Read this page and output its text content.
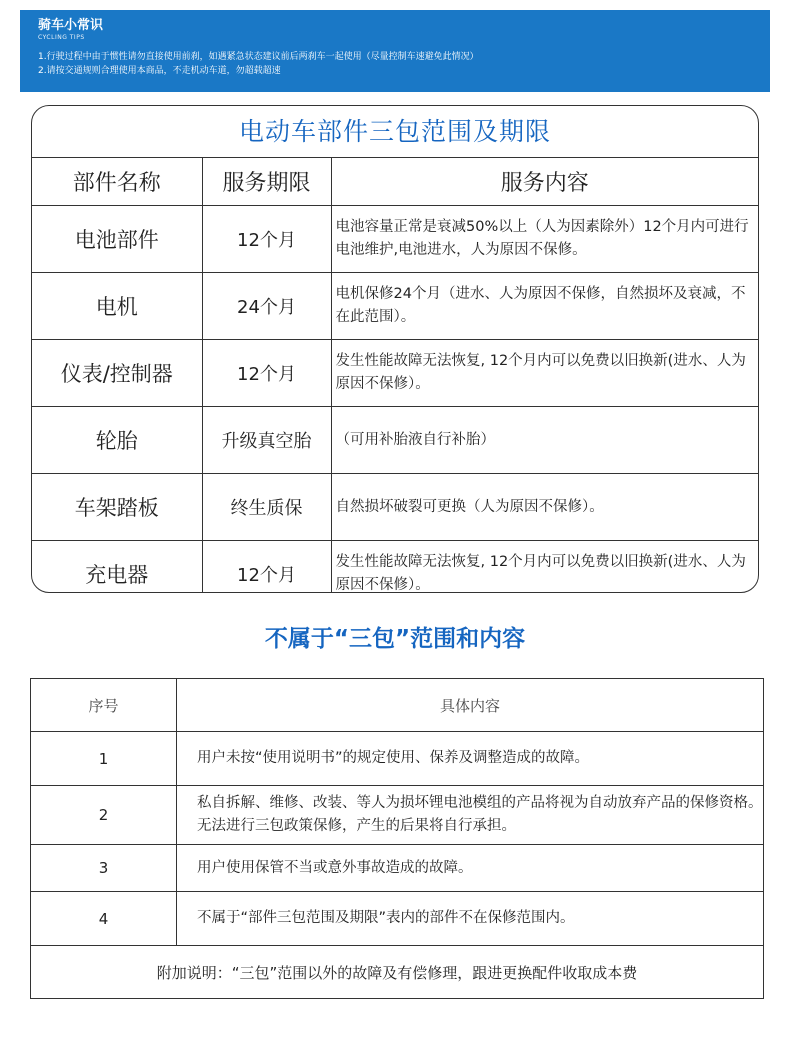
骑车小常识
CYCLING TIPS
1.行驶过程中由于惯性请勿直接使用前刹，如遇紧急状态建议前后两刹车一起使用（尽量控制车速避免此情况）
2.请按交通规则合理使用本商品，不走机动车道，勿超载超速
电动车部件三包范围及期限
部件名称	服务期限	服务内容
电池部件	12个月	电池容量正常是衰减50%以上（人为因素除外）12个月内可进行电池维护,电池进水，人为原因不保修。
电机	24个月	电机保修24个月（进水、人为原因不保修，自然损坏及衰减，不在此范围）。
仪表/控制器	12个月	发生性能故障无法恢复, 12个月内可以免费以旧换新(进水、人为原因不保修）。
轮胎	升级真空胎	（可用补胎液自行补胎）
车架踏板	终生质保	自然损坏破裂可更换（人为原因不保修）。
充电器	12个月	发生性能故障无法恢复, 12个月内可以免费以旧换新(进水、人为原因不保修）。
不属于“三包”范围和内容
序号	具体内容
1	用户未按“使用说明书”的规定使用、保养及调整造成的故障。
2	私自拆解、维修、改装、等人为损坏锂电池模组的产品将视为自动放弃产品的保修资格。无法进行三包政策保修，产生的后果将自行承担。
3	用户使用保管不当或意外事故造成的故障。
4	不属于“部件三包范围及期限”表内的部件不在保修范围内。
附加说明：“三包”范围以外的故障及有偿修理，跟进更换配件收取成本费	
